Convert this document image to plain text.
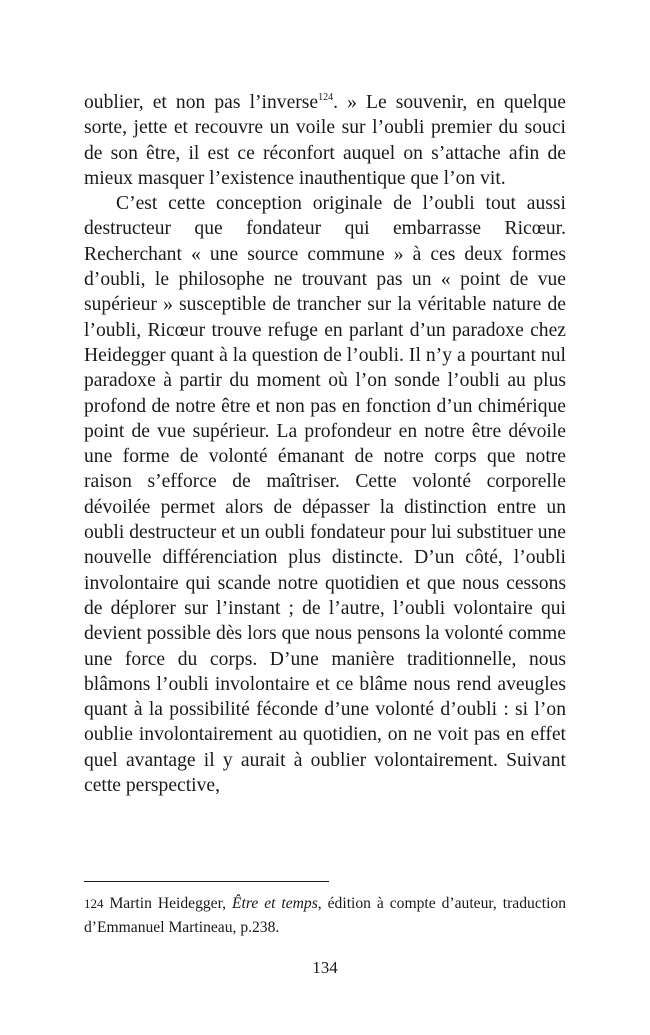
oublier, et non pas l’inverse$^{124}$. » Le souvenir, en quelque sorte, jette et recouvre un voile sur l’oubli premier du souci de son être, il est ce réconfort auquel on s’attache afin de mieux masquer l’existence inauthentique que l’on vit.

C’est cette conception originale de l’oubli tout aussi destructeur que fondateur qui embarrasse Ricœur. Recherchant « une source commune » à ces deux formes d’oubli, le philosophe ne trouvant pas un « point de vue supérieur » susceptible de trancher sur la véritable nature de l’oubli, Ricœur trouve refuge en parlant d’un paradoxe chez Heidegger quant à la question de l’oubli. Il n’y a pourtant nul paradoxe à partir du moment où l’on sonde l’oubli au plus profond de notre être et non pas en fonction d’un chimérique point de vue supérieur. La profondeur en notre être dévoile une forme de volonté émanant de notre corps que notre raison s’efforce de maîtriser. Cette volonté corporelle dévoilée permet alors de dépasser la distinction entre un oubli destructeur et un oubli fondateur pour lui substituer une nouvelle différenciation plus distincte. D’un côté, l’oubli involontaire qui scande notre quotidien et que nous cessons de déplorer sur l’instant ; de l’autre, l’oubli volontaire qui devient possible dès lors que nous pensons la volonté comme une force du corps. D’une manière traditionnelle, nous blâmons l’oubli involontaire et ce blâme nous rend aveugles quant à la possibilité féconde d’une volonté d’oubli : si l’on oublie involontairement au quotidien, on ne voit pas en effet quel avantage il y aurait à oublier volontairement. Suivant cette perspective,

124 Martin Heidegger, Être et temps, édition à compte d’auteur, traduction d’Emmanuel Martineau, p.238.
134
